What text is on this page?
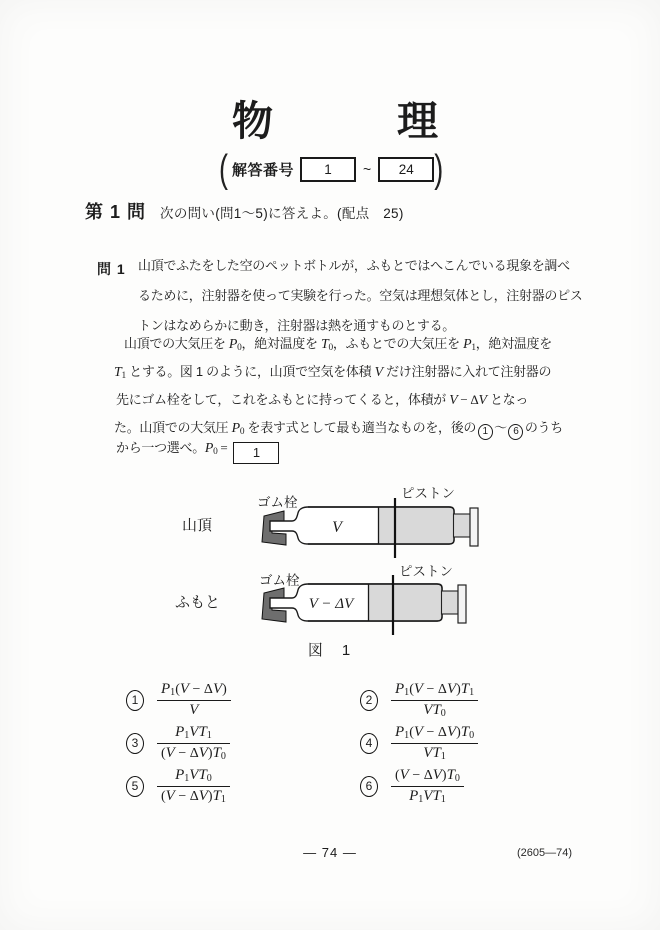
物	理
( 解答番号	1	~	24 )
第 1 問 次の問い(問1～5)に答えよ。(配点　25)
問 1 山頂でふたをした空のペットボトルが，ふもとではへこんでいる現象を調べ
るために，注射器を使って実験を行った。空気は理想気体とし，注射器のピス
トンはなめらかに動き，注射器は熱を通すものとする。
山頂での大気圧を P0，絶対温度を T0，ふもとでの大気圧を P1，絶対温度を
T1 とする。図 1 のように，山頂で空気を体積 V だけ注射器に入れて注射器の
先にゴム栓をして，これをふもとに持ってくると，体積が V − ΔV となっ
た。山頂での大気圧 P0 を表す式として最も適当なものを，後の 1 ～ 6 のうち
から一つ選べ。P0 = 1
山頂
ゴム栓
ピストン
V
ふもと
ゴム栓
ピストン
V − ΔV
図　1
1	$\frac{P1(V - \Delta V)}{V}$	2	$\frac{P1(V - \Delta V)T1}{VT0}$
3	$\frac{P1VT1}{(V - \Delta V)T0}$	4	$\frac{P1(V - \Delta V)T0}{VT1}$
5	$\frac{P1VT0}{(V - \Delta V)T1}$	6	$\frac{(V - \Delta V)T0}{P1VT1}$
— 74 —	(2605—74)
